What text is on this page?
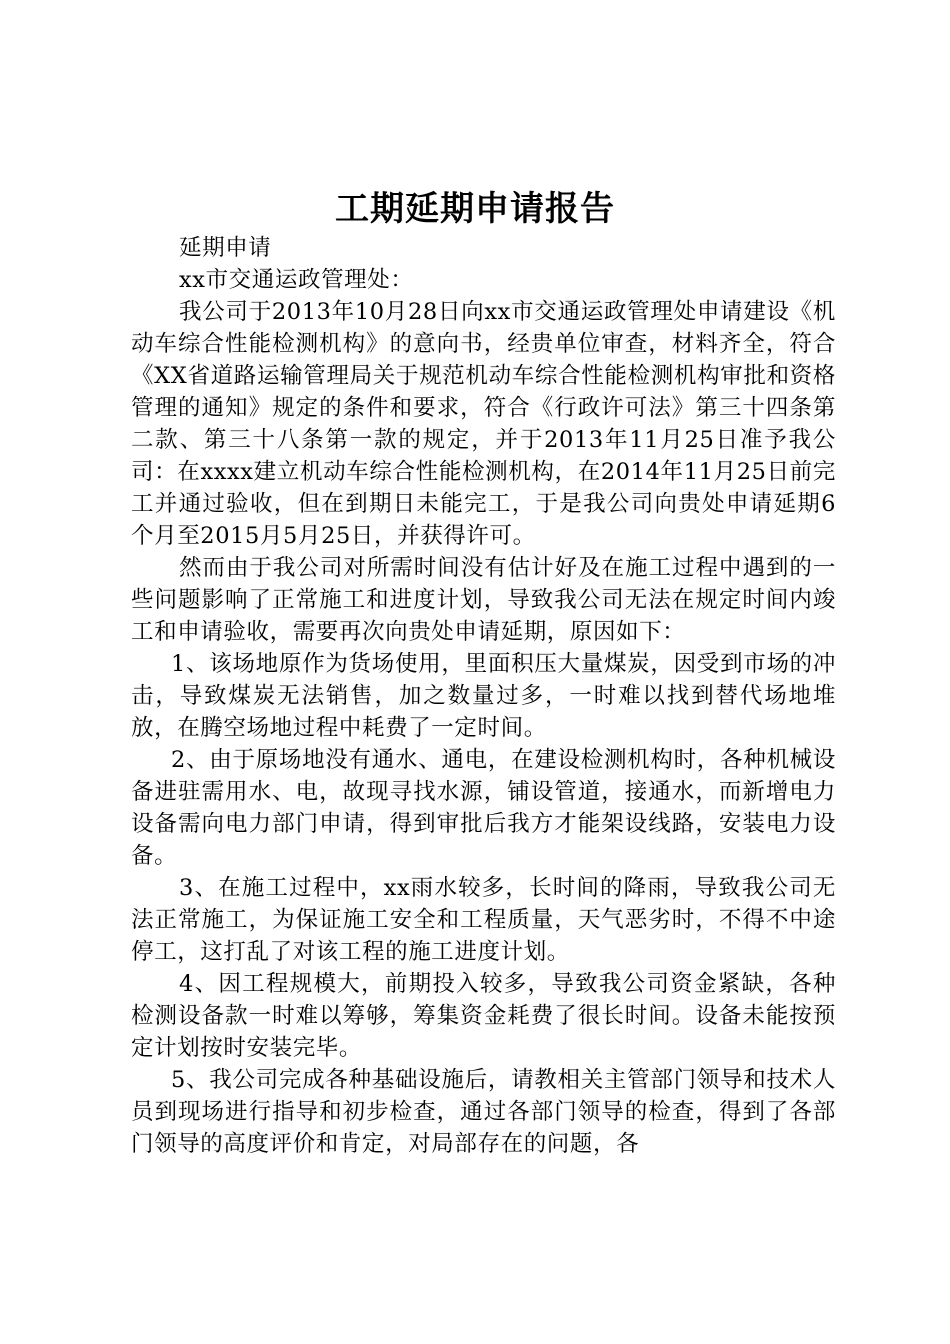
工期延期申请报告

延期申请

xx市交通运政管理处：

我公司于2013年10月28日向xx市交通运政管理处申请建设《机动车综合性能检测机构》的意向书，经贵单位审查，材料齐全，符合《XX省道路运输管理局关于规范机动车综合性能检测机构审批和资格管理的通知》规定的条件和要求，符合《行政许可法》第三十四条第二款、第三十八条第一款的规定，并于2013年11月25日准予我公司：在xxxx建立机动车综合性能检测机构，在2014年11月25日前完工并通过验收，但在到期日未能完工，于是我公司向贵处申请延期6个月至2015月5月25日，并获得许可。

然而由于我公司对所需时间没有估计好及在施工过程中遇到的一些问题影响了正常施工和进度计划，导致我公司无法在规定时间内竣工和申请验收，需要再次向贵处申请延期，原因如下：

1、该场地原作为货场使用，里面积压大量煤炭，因受到市场的冲击，导致煤炭无法销售，加之数量过多，一时难以找到替代场地堆放，在腾空场地过程中耗费了一定时间。

2、由于原场地没有通水、通电，在建设检测机构时，各种机械设备进驻需用水、电，故现寻找水源，铺设管道，接通水，而新增电力设备需向电力部门申请，得到审批后我方才能架设线路，安装电力设备。

3、在施工过程中，xx雨水较多，长时间的降雨，导致我公司无法正常施工，为保证施工安全和工程质量，天气恶劣时，不得不中途停工，这打乱了对该工程的施工进度计划。

4、因工程规模大，前期投入较多，导致我公司资金紧缺，各种检测设备款一时难以筹够，筹集资金耗费了很长时间。设备未能按预定计划按时安装完毕。

5、我公司完成各种基础设施后，请教相关主管部门领导和技术人员到现场进行指导和初步检查，通过各部门领导的检查，得到了各部门领导的高度评价和肯定，对局部存在的问题，各
